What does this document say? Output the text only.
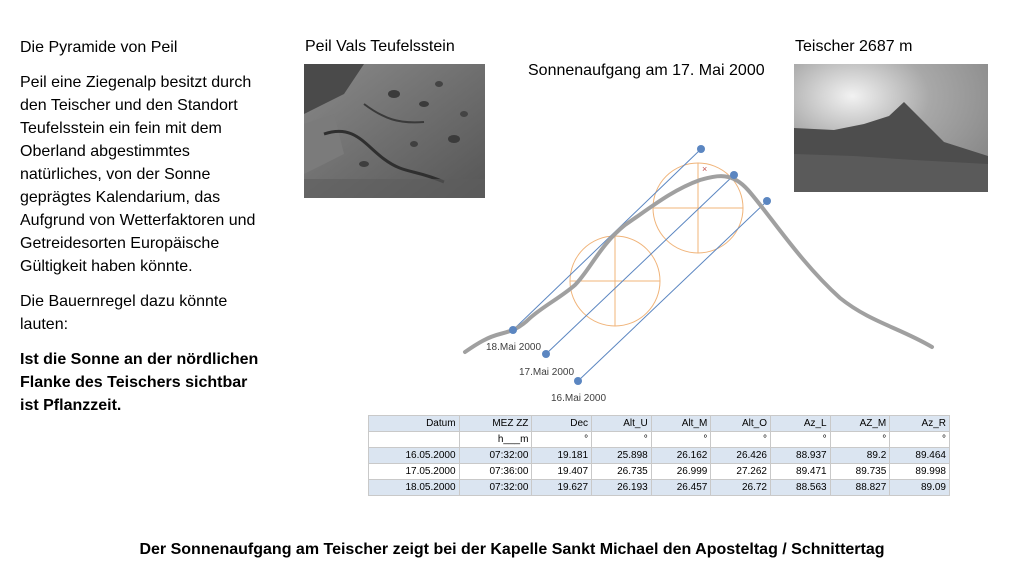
Die Pyramide von Peil

Peil eine Ziegenalp besitzt durch den Teischer und den Standort Teufelsstein ein fein mit dem Oberland abgestimmtes natürliches, von der Sonne geprägtes Kalendarium, das Aufgrund von Wetterfaktoren und Getreidesorten Europäische Gültigkeit haben könnte.

Die Bauernregel dazu könnte lauten:

Ist die Sonne an der nördlichen Flanke des Teischers sichtbar ist Pflanzzeit.

Peil Vals Teufelsstein	Teischer 2687 m
Sonnenaufgang am 17. Mai 2000
×
18.Mai 2000
17.Mai 2000
16.Mai 2000
Datum	MEZ ZZ	Dec	Alt_U	Alt_M	Alt_O	Az_L	AZ_M	Az_R
	h___m	°	°	°	°	°	°	°
16.05.2000	07:32:00	19.181	25.898	26.162	26.426	88.937	89.2	89.464
17.05.2000	07:36:00	19.407	26.735	26.999	27.262	89.471	89.735	89.998
18.05.2000	07:32:00	19.627	26.193	26.457	26.72	88.563	88.827	89.09
Der Sonnenaufgang am Teischer zeigt bei der Kapelle Sankt Michael den Aposteltag / Schnittertag
